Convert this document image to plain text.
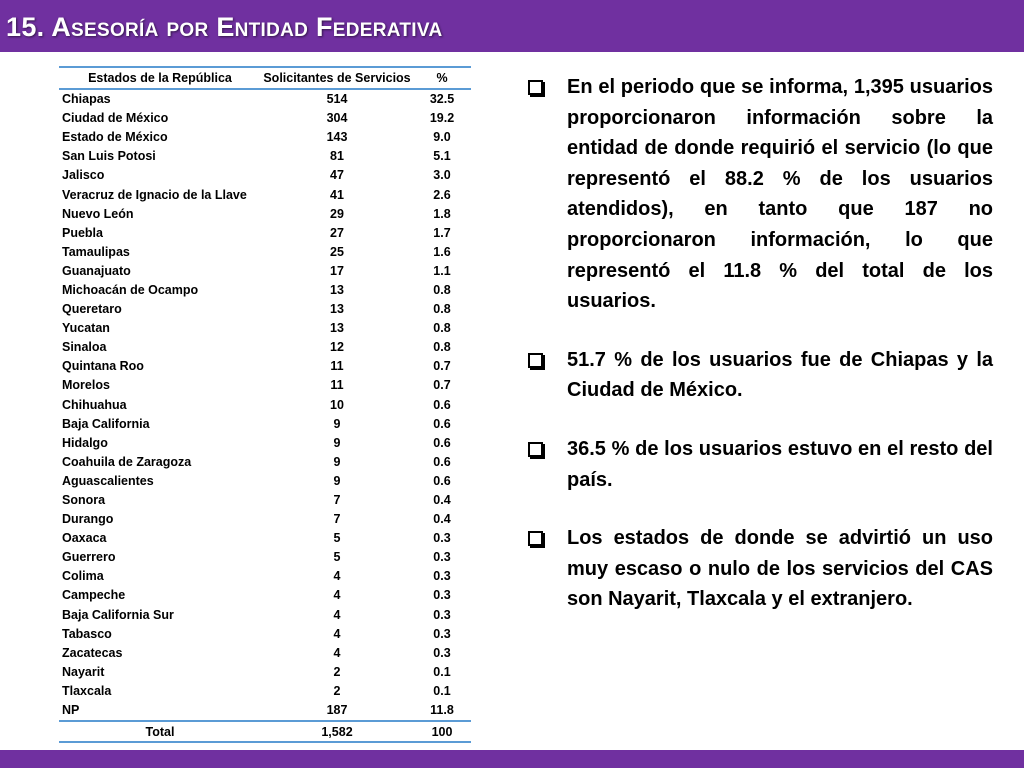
15. Asesoría por Entidad Federativa
Estados de la República	Solicitantes de Servicios	%
Chiapas	514	32.5
Ciudad de México	304	19.2
Estado de México	143	9.0
San Luis Potosi	81	5.1
Jalisco	47	3.0
Veracruz de Ignacio de la Llave	41	2.6
Nuevo León	29	1.8
Puebla	27	1.7
Tamaulipas	25	1.6
Guanajuato	17	1.1
Michoacán de Ocampo	13	0.8
Queretaro	13	0.8
Yucatan	13	0.8
Sinaloa	12	0.8
Quintana Roo	11	0.7
Morelos	11	0.7
Chihuahua	10	0.6
Baja California	9	0.6
Hidalgo	9	0.6
Coahuila de Zaragoza	9	0.6
Aguascalientes	9	0.6
Sonora	7	0.4
Durango	7	0.4
Oaxaca	5	0.3
Guerrero	5	0.3
Colima	4	0.3
Campeche	4	0.3
Baja California Sur	4	0.3
Tabasco	4	0.3
Zacatecas	4	0.3
Nayarit	2	0.1
Tlaxcala	2	0.1
NP	187	11.8
Total	1,582	100
En el periodo que se informa, 1,395 usuarios proporcionaron información sobre la entidad de donde requirió el servicio (lo que representó el 88.2 % de los usuarios atendidos), en tanto que 187 no proporcionaron información, lo que representó el 11.8 % del total de los usuarios.
51.7 % de los usuarios fue de Chiapas y la Ciudad de México.
36.5 % de los usuarios estuvo en el resto del país.
Los estados de donde se advirtió un uso muy escaso o nulo de los servicios del CAS son Nayarit, Tlaxcala y el extranjero.
